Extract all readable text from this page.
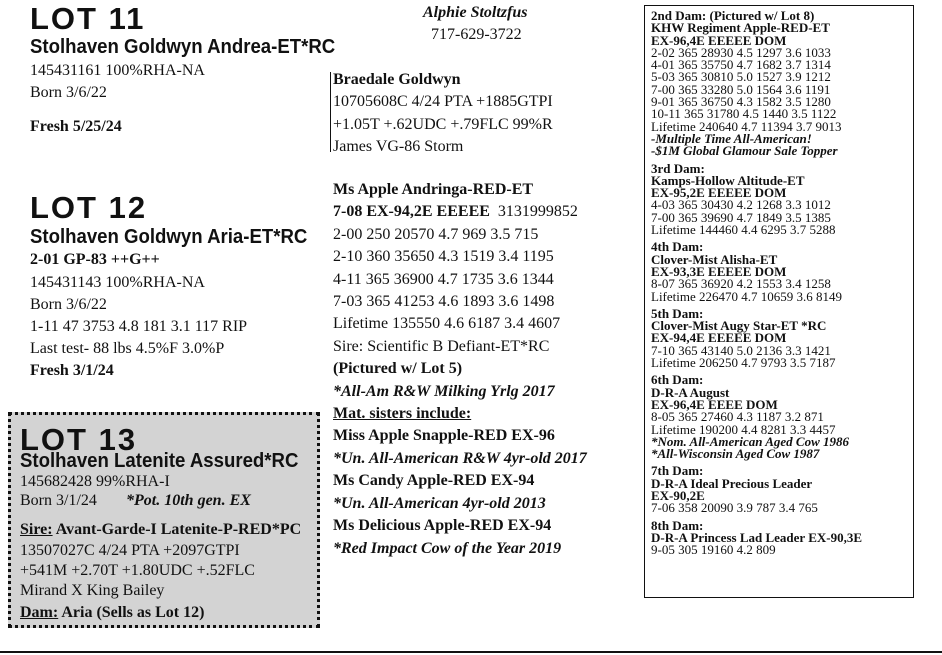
LOT 11
Stolhaven Goldwyn Andrea-ET*RC
145431161 100%RHA-NA
Born 3/6/22
Fresh 5/25/24
LOT 12
Stolhaven Goldwyn Aria-ET*RC
2-01 GP-83 ++G++
145431143 100%RHA-NA
Born 3/6/22
1-11 47 3753 4.8 181 3.1 117 RIP
Last test- 88 lbs 4.5%F 3.0%P
Fresh 3/1/24
LOT 13
Stolhaven Latenite Assured*RC
145682428 99%RHA-I
Born 3/1/24 *Pot. 10th gen. EX
Sire: Avant-Garde-I Latenite-P-RED*PC
13507027C 4/24 PTA +2097GTPI
+541M +2.70T +1.80UDC +.52FLC
Mirand X King Bailey
Dam: Aria (Sells as Lot 12)
Alphie Stoltzfus
717-629-3722
Braedale Goldwyn
10705608C 4/24 PTA +1885GTPI
+1.05T +.62UDC +.79FLC 99%R
James VG-86 Storm
Ms Apple Andringa-RED-ET
7-08 EX-94,2E EEEEE 3131999852
2-00 250 20570 4.7 969 3.5 715
2-10 360 35650 4.3 1519 3.4 1195
4-11 365 36900 4.7 1735 3.6 1344
7-03 365 41253 4.6 1893 3.6 1498
Lifetime 135550 4.6 6187 3.4 4607
Sire: Scientific B Defiant-ET*RC
(Pictured w/ Lot 5)
*All-Am R&W Milking Yrlg 2017
Mat. sisters include:
Miss Apple Snapple-RED EX-96
*Un. All-American R&W 4yr-old 2017
Ms Candy Apple-RED EX-94
*Un. All-American 4yr-old 2013
Ms Delicious Apple-RED EX-94
*Red Impact Cow of the Year 2019
2nd Dam: (Pictured w/ Lot 8)
KHW Regiment Apple-RED-ET
EX-96,4E EEEEE DOM
2-02 365 28930 4.5 1297 3.6 1033
4-01 365 35750 4.7 1682 3.7 1314
5-03 365 30810 5.0 1527 3.9 1212
7-00 365 33280 5.0 1564 3.6 1191
9-01 365 36750 4.3 1582 3.5 1280
10-11 365 31780 4.5 1440 3.5 1122
Lifetime 240640 4.7 11394 3.7 9013
-Multiple Time All-American!
-$1M Global Glamour Sale Topper
3rd Dam:
Kamps-Hollow Altitude-ET
EX-95,2E EEEEE DOM
4-03 365 30430 4.2 1268 3.3 1012
7-00 365 39690 4.7 1849 3.5 1385
Lifetime 144460 4.4 6295 3.7 5288
4th Dam:
Clover-Mist Alisha-ET
EX-93,3E EEEEE DOM
8-07 365 36920 4.2 1553 3.4 1258
Lifetime 226470 4.7 10659 3.6 8149
5th Dam:
Clover-Mist Augy Star-ET *RC
EX-94,4E EEEEE DOM
7-10 365 43140 5.0 2136 3.3 1421
Lifetime 206250 4.7 9793 3.5 7187
6th Dam:
D-R-A August
EX-96,4E EEEE DOM
8-05 365 27460 4.3 1187 3.2 871
Lifetime 190200 4.4 8281 3.3 4457
*Nom. All-American Aged Cow 1986
*All-Wisconsin Aged Cow 1987
7th Dam:
D-R-A Ideal Precious Leader
EX-90,2E
7-06 358 20090 3.9 787 3.4 765
8th Dam:
D-R-A Princess Lad Leader EX-90,3E
9-05 305 19160 4.2 809
